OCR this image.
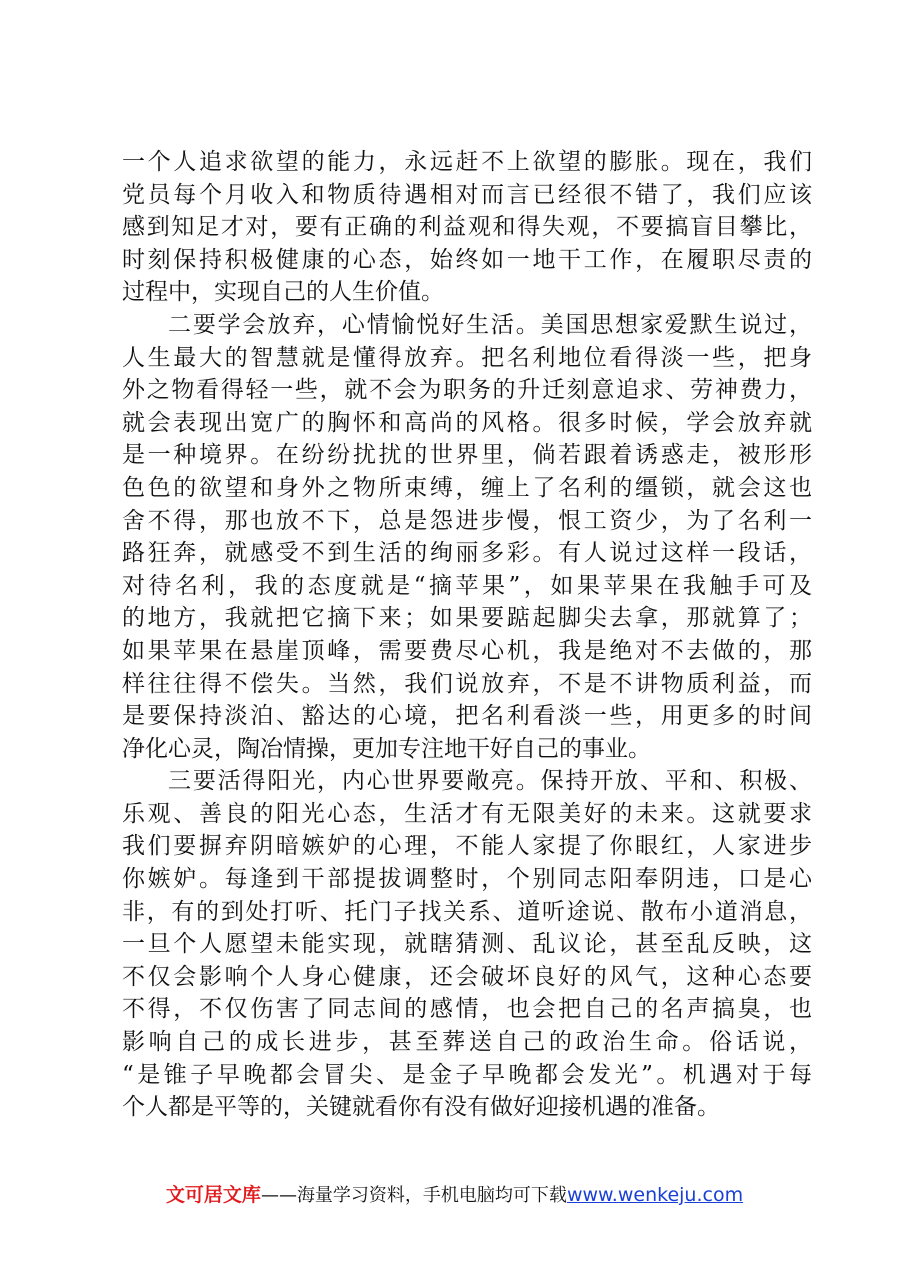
一个人追求欲望的能力，永远赶不上欲望的膨胀。现在，我们
党员每个月收入和物质待遇相对而言已经很不错了，我们应该
感到知足才对，要有正确的利益观和得失观，不要搞盲目攀比，
时刻保持积极健康的心态，始终如一地干工作，在履职尽责的
过程中，实现自己的人生价值。
二要学会放弃，心情愉悦好生活。美国思想家爱默生说过，
人生最大的智慧就是懂得放弃。把名利地位看得淡一些，把身
外之物看得轻一些，就不会为职务的升迁刻意追求、劳神费力，
就会表现出宽广的胸怀和高尚的风格。很多时候，学会放弃就
是一种境界。在纷纷扰扰的世界里，倘若跟着诱惑走，被形形
色色的欲望和身外之物所束缚，缠上了名利的缰锁，就会这也
舍不得，那也放不下，总是怨进步慢，恨工资少，为了名利一
路狂奔，就感受不到生活的绚丽多彩。有人说过这样一段话，
对待名利，我的态度就是“摘苹果”，如果苹果在我触手可及
的地方，我就把它摘下来；如果要踮起脚尖去拿，那就算了；
如果苹果在悬崖顶峰，需要费尽心机，我是绝对不去做的，那
样往往得不偿失。当然，我们说放弃，不是不讲物质利益，而
是要保持淡泊、豁达的心境，把名利看淡一些，用更多的时间
净化心灵，陶冶情操，更加专注地干好自己的事业。
三要活得阳光，内心世界要敞亮。保持开放、平和、积极、
乐观、善良的阳光心态，生活才有无限美好的未来。这就要求
我们要摒弃阴暗嫉妒的心理，不能人家提了你眼红，人家进步
你嫉妒。每逢到干部提拔调整时，个别同志阳奉阴违，口是心
非，有的到处打听、托门子找关系、道听途说、散布小道消息，
一旦个人愿望未能实现，就瞎猜测、乱议论，甚至乱反映，这
不仅会影响个人身心健康，还会破坏良好的风气，这种心态要
不得，不仅伤害了同志间的感情，也会把自己的名声搞臭，也
影响自己的成长进步，甚至葬送自己的政治生命。俗话说，
“是锥子早晚都会冒尖、是金子早晚都会发光”。机遇对于每
个人都是平等的，关键就看你有没有做好迎接机遇的准备。
文可居文库——海量学习资料，手机电脑均可下载www.wenkeju.com
